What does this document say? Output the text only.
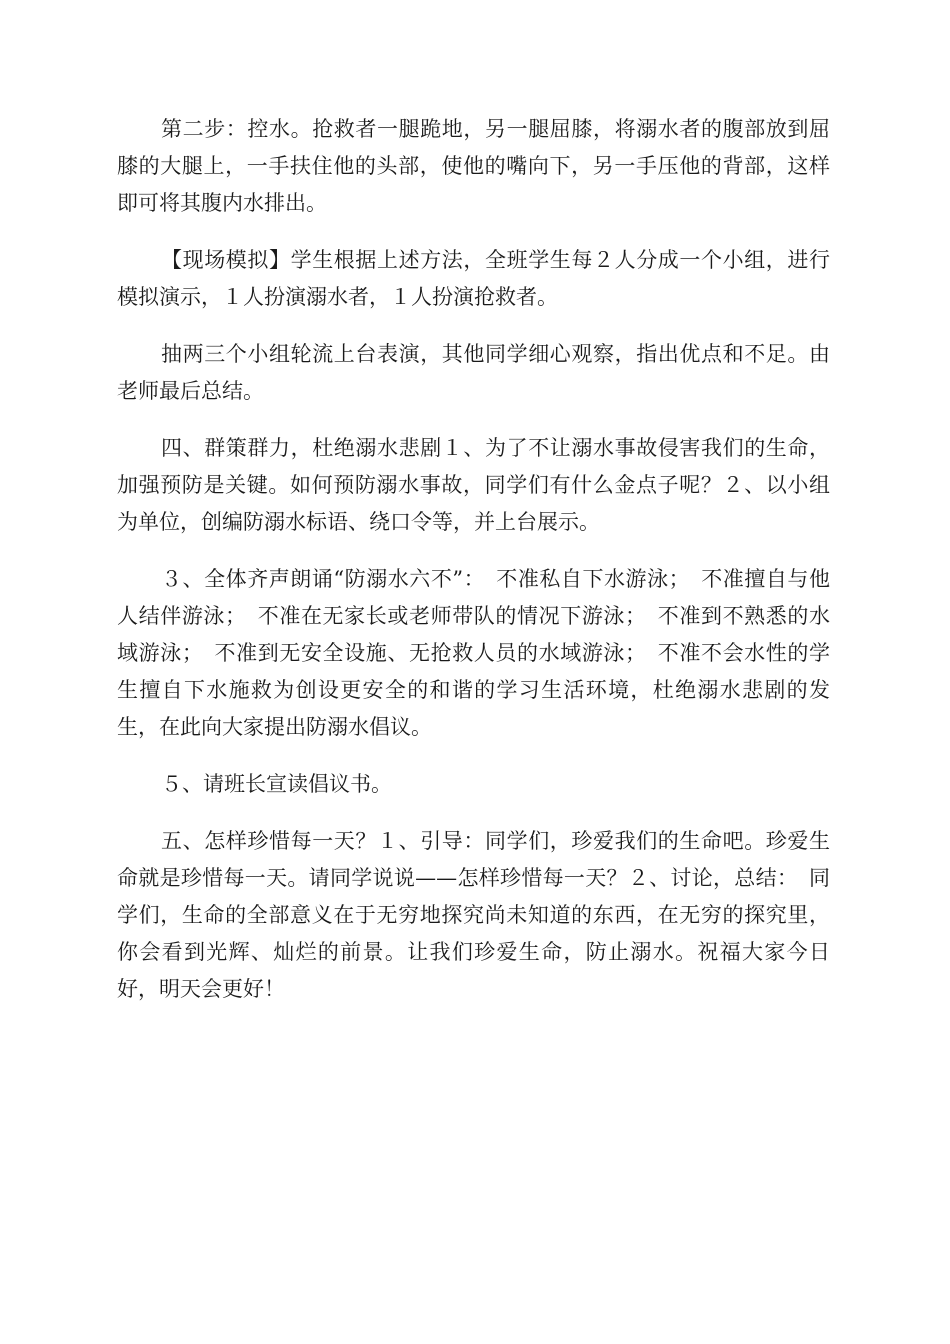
第二步：控水。抢救者一腿跪地，另一腿屈膝，将溺水者的腹部放到屈膝的大腿上，一手扶住他的头部，使他的嘴向下，另一手压他的背部，这样即可将其腹内水排出。

【现场模拟】学生根据上述方法，全班学生每２人分成一个小组，进行模拟演示，１人扮演溺水者，１人扮演抢救者。

抽两三个小组轮流上台表演，其他同学细心观察，指出优点和不足。由老师最后总结。

四、群策群力，杜绝溺水悲剧１、为了不让溺水事故侵害我们的生命，加强预防是关键。如何预防溺水事故，同学们有什么金点子呢？２、以小组为单位，创编防溺水标语、绕口令等，并上台展示。

３、全体齐声朗诵“防溺水六不”：　不准私自下水游泳；　不准擅自与他人结伴游泳；　不准在无家长或老师带队的情况下游泳；　不准到不熟悉的水域游泳；　不准到无安全设施、无抢救人员的水域游泳；　不准不会水性的学生擅自下水施救为创设更安全的和谐的学习生活环境，杜绝溺水悲剧的发生，在此向大家提出防溺水倡议。

５、请班长宣读倡议书。

五、怎样珍惜每一天？１、引导：同学们，珍爱我们的生命吧。珍爱生命就是珍惜每一天。请同学说说——怎样珍惜每一天？２、讨论，总结：　同学们，生命的全部意义在于无穷地探究尚未知道的东西，在无穷的探究里，你会看到光辉、灿烂的前景。让我们珍爱生命，防止溺水。祝福大家今日好，明天会更好！
